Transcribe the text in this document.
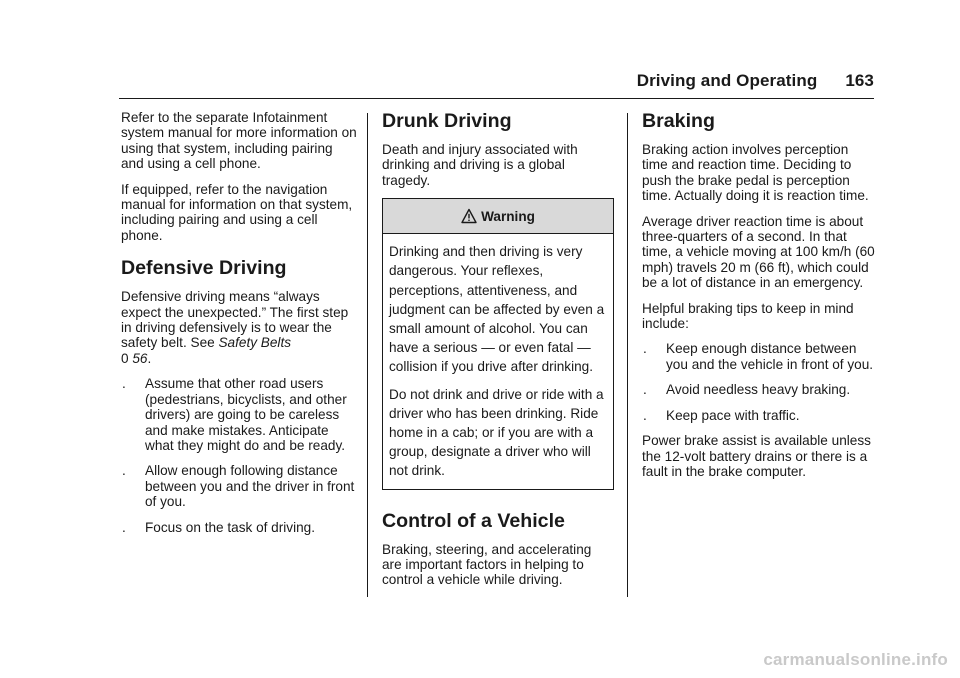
Driving and Operating 163

Refer to the separate Infotainment system manual for more information on using that system, including pairing and using a cell phone.

If equipped, refer to the navigation manual for information on that system, including pairing and using a cell phone.

Defensive Driving

Defensive driving means “always expect the unexpected.” The first step in driving defensively is to wear the safety belt. See Safety Belts
0 56.

. Assume that other road users (pedestrians, bicyclists, and other drivers) are going to be careless and make mistakes. Anticipate what they might do and be ready.
. Allow enough following distance between you and the driver in front of you.
. Focus on the task of driving.
Drunk Driving

Death and injury associated with drinking and driving is a global tragedy.

Warning

Drinking and then driving is very dangerous. Your reflexes, perceptions, attentiveness, and judgment can be affected by even a small amount of alcohol. You can have a serious — or even fatal — collision if you drive after drinking.

Do not drink and drive or ride with a driver who has been drinking. Ride home in a cab; or if you are with a group, designate a driver who will not drink.

Control of a Vehicle

Braking, steering, and accelerating are important factors in helping to control a vehicle while driving.

Braking

Braking action involves perception time and reaction time. Deciding to push the brake pedal is perception time. Actually doing it is reaction time.

Average driver reaction time is about three-quarters of a second. In that time, a vehicle moving at 100 km/h (60 mph) travels 20 m (66 ft), which could be a lot of distance in an emergency.

Helpful braking tips to keep in mind include:

. Keep enough distance between you and the vehicle in front of you.
. Avoid needless heavy braking.
. Keep pace with traffic.

Power brake assist is available unless the 12-volt battery drains or there is a fault in the brake computer.

carmanualsonline.info
